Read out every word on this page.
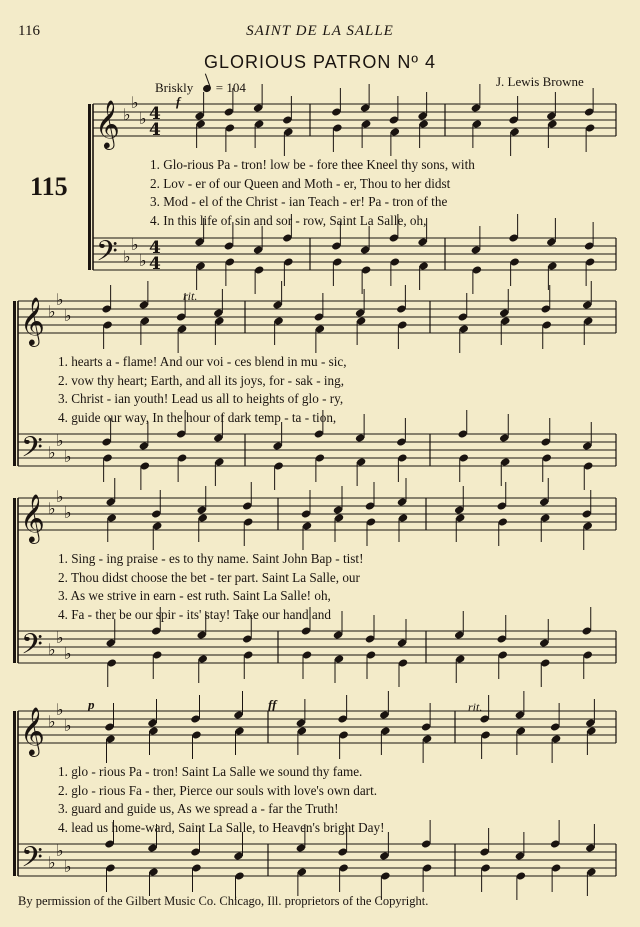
116	SAINT DE LA SALLE
GLORIOUS PATRON Nº 4
J. Lewis Browne
Briskly = 104
115
𝄞
𝄢
♭
♭
♭
♭
♭
♭
4
4
4
4
𝄞
𝄢
♭
♭
♭
♭
♭
♭
𝄞
𝄢
♭
♭
♭
♭
♭
♭
𝄞
𝄢
♭
♭
♭
♭
♭
♭
1. Glo-rious Pa - tron! low be - fore thee Kneel thy sons, with
2. Lov - er of our Queen and Moth - er, Thou to her didst
3. Mod - el of the Christ - ian Teach - er! Pa - tron of the
4. In this life of sin and sor - row, Saint La Salle, oh,
1. hearts a - flame! And our voi - ces blend in mu - sic,
2. vow thy heart; Earth, and all its joys, for - sak - ing,
3. Christ - ian youth! Lead us all to heights of glo - ry,
4. guide our way, In the hour of dark temp - ta - tion,
1. Sing - ing praise - es to thy name. Saint John Bap - tist!
2. Thou didst choose the bet - ter part. Saint La Salle, our
3. As we strive in earn - est ruth. Saint La Salle! oh,
4. Fa - ther be our spir - its' stay! Take our hand and
1. glo - rious Pa - tron! Saint La Salle we sound thy fame.
2. glo - rious Fa - ther, Pierce our souls with love's own dart.
3. guard and guide us, As we spread a - far the Truth!
4. lead us home-ward, Saint La Salle, to Heaven's bright Day!
f
rit.
p	ff	rit.
By permission of the Gilbert Music Co. Chicago, Ill. proprietors of the Copyright.
